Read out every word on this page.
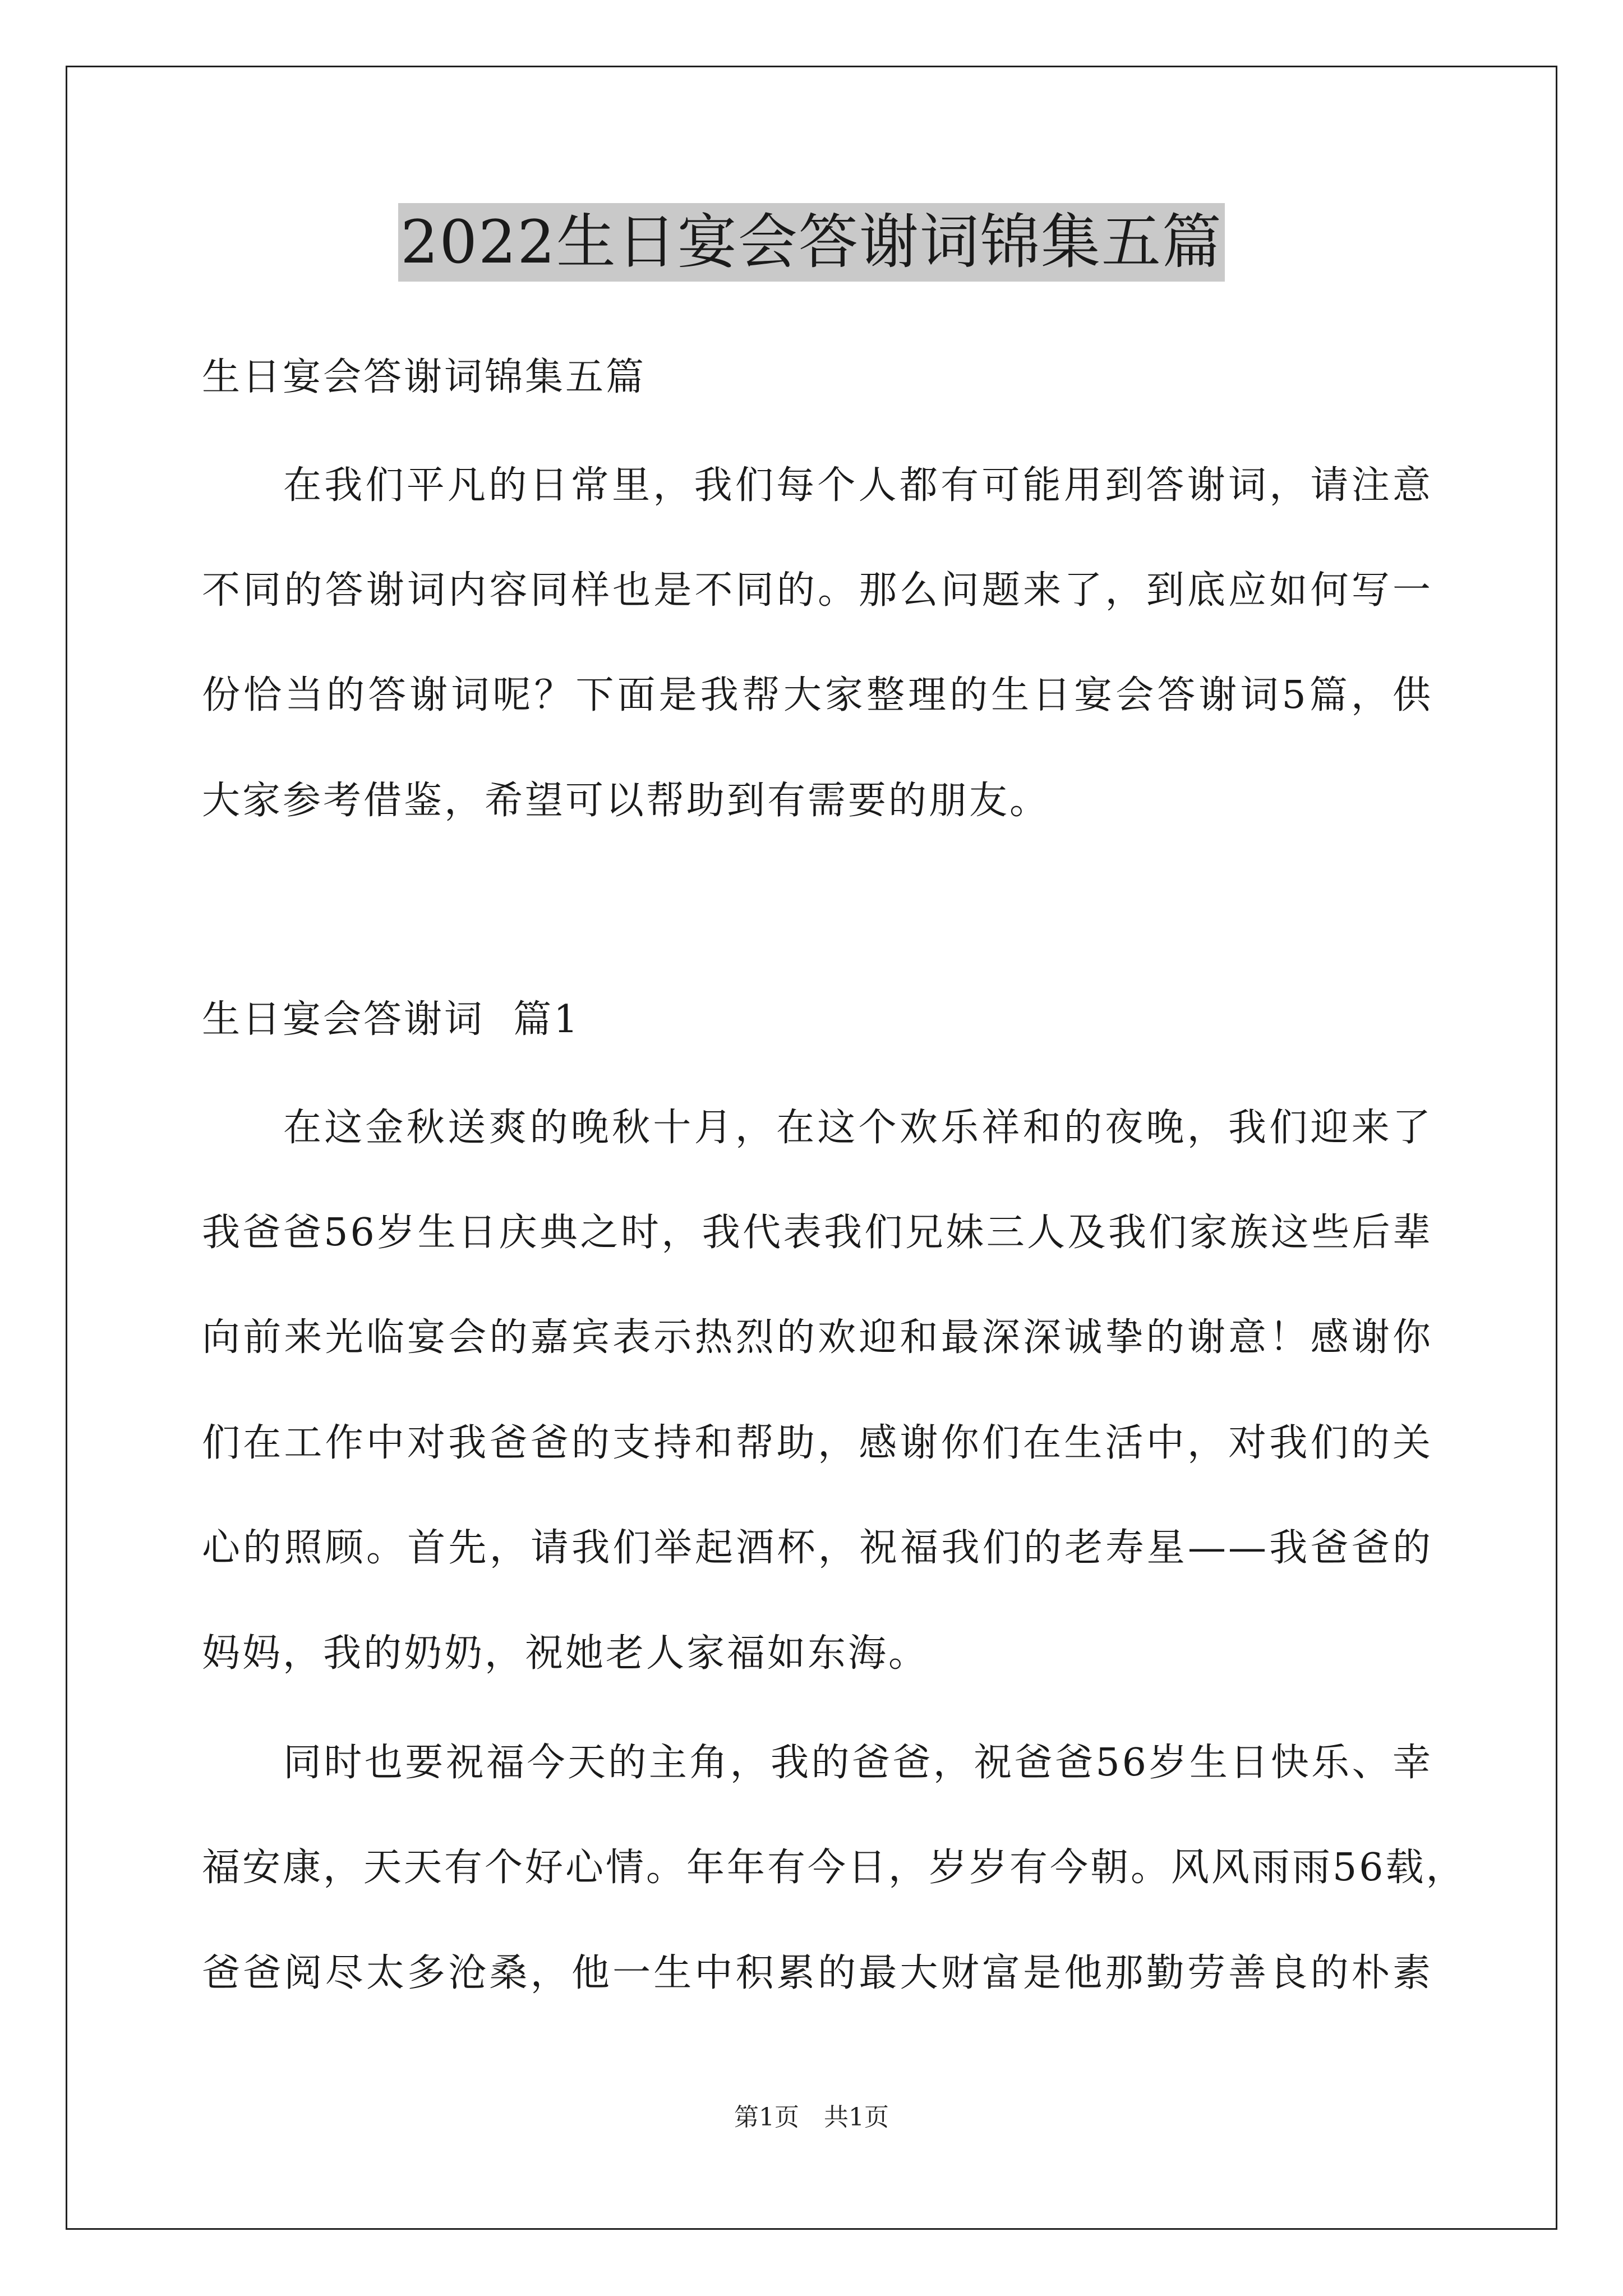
2022生日宴会答谢词锦集五篇
生日宴会答谢词锦集五篇
在我们平凡的日常里，我们每个人都有可能用到答谢词，请注意
不同的答谢词内容同样也是不同的。那么问题来了，到底应如何写一
份恰当的答谢词呢？下面是我帮大家整理的生日宴会答谢词5篇，供
大家参考借鉴，希望可以帮助到有需要的朋友。
生日宴会答谢词  篇1
在这金秋送爽的晚秋十月，在这个欢乐祥和的夜晚，我们迎来了
我爸爸56岁生日庆典之时，我代表我们兄妹三人及我们家族这些后辈
向前来光临宴会的嘉宾表示热烈的欢迎和最深深诚挚的谢意！感谢你
们在工作中对我爸爸的支持和帮助，感谢你们在生活中，对我们的关
心的照顾。首先，请我们举起酒杯，祝福我们的老寿星——我爸爸的
妈妈，我的奶奶，祝她老人家福如东海。
同时也要祝福今天的主角，我的爸爸，祝爸爸56岁生日快乐、幸
福安康，天天有个好心情。年年有今日，岁岁有今朝。风风雨雨56载，
爸爸阅尽太多沧桑，他一生中积累的最大财富是他那勤劳善良的朴素
第1页　共1页
